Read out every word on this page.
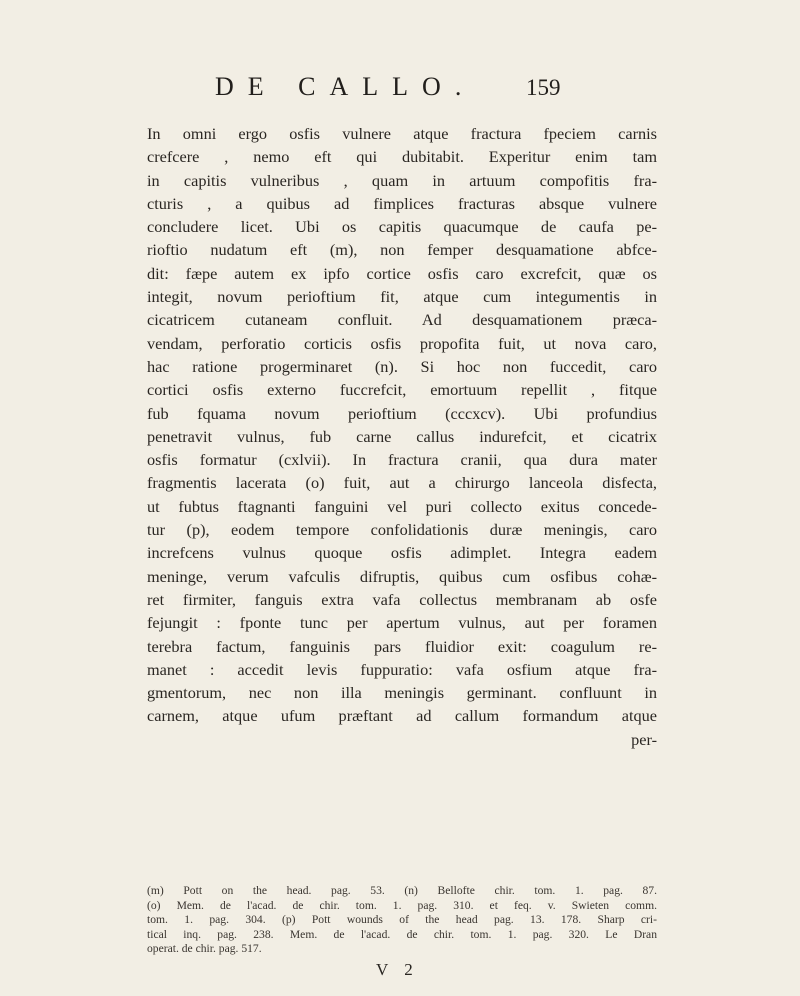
DE CALLO. 159
In omni ergo osfis vulnere atque fractura fpeciem carnis
crefcere , nemo eft qui dubitabit. Experitur enim tam
in capitis vulneribus , quam in artuum compofitis fra-
cturis , a quibus ad fimplices fracturas absque vulnere
concludere licet. Ubi os capitis quacumque de caufa pe-
rioftio nudatum eft (m), non femper desquamatione abfce-
dit: fæpe autem ex ipfo cortice osfis caro excrefcit, quæ os
integit, novum perioftium fit, atque cum integumentis in
cicatricem cutaneam confluit. Ad desquamationem præca-
vendam, perforatio corticis osfis propofita fuit, ut nova caro,
hac ratione progerminaret (n). Si hoc non fuccedit, caro
cortici osfis externo fuccrefcit, emortuum repellit , fitque
fub fquama novum perioftium (cccxcv). Ubi profundius
penetravit vulnus, fub carne callus indurefcit, et cicatrix
osfis formatur (cxlvii). In fractura cranii, qua dura mater
fragmentis lacerata (o) fuit, aut a chirurgo lanceola disfecta,
ut fubtus ftagnanti fanguini vel puri collecto exitus concede-
tur (p), eodem tempore confolidationis duræ meningis, caro
increfcens vulnus quoque osfis adimplet. Integra eadem
meninge, verum vafculis difruptis, quibus cum osfibus cohæ-
ret firmiter, fanguis extra vafa collectus membranam ab osfe
fejungit : fponte tunc per apertum vulnus, aut per foramen
terebra factum, fanguinis pars fluidior exit: coagulum re-
manet : accedit levis fuppuratio: vafa osfium atque fra-
gmentorum, nec non illa meningis germinant. confluunt in
carnem, atque ufum præftant ad callum formandum atque
per-
(m) Pott on the head. pag. 53. (n) Bellofte chir. tom. 1. pag. 87.
(o) Mem. de l'acad. de chir. tom. 1. pag. 310. et feq. v. Swieten comm.
tom. 1. pag. 304. (p) Pott wounds of the head pag. 13. 178. Sharp cri-
tical inq. pag. 238. Mem. de l'acad. de chir. tom. 1. pag. 320. Le Dran
operat. de chir. pag. 517.
V 2
